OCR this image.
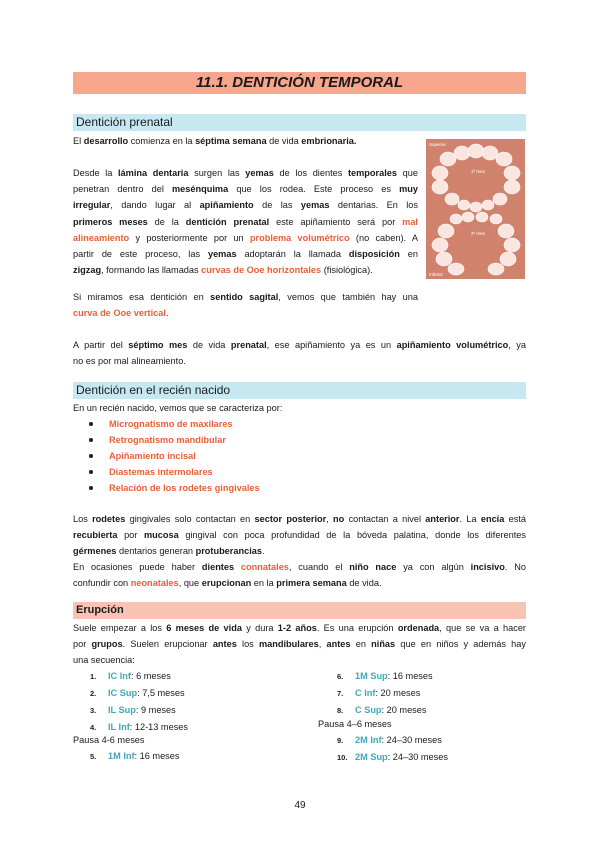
11.1. DENTICIÓN TEMPORAL
Dentición prenatal
El desarrollo comienza en la séptima semana de vida embrionaria.
Desde la lámina dentaria surgen las yemas de los dientes temporales que
penetran dentro del mesénquima que los rodea. Este proceso es muy
irregular, dando lugar al apiñamiento de las yemas dentarias. En los
primeros meses de la dentición prenatal este apiñamiento será por mal
alineamiento y posteriormente por un problema volumétrico (no caben). A
partir de este proceso, las yemas adoptarán la llamada disposición en
zigzag, formando las llamadas curvas de Ooe horizontales (fisiológica).
Superior
1ª mes
2ª mes
Inferior
Si miramos esa dentición en sentido sagital, vemos que también hay una
curva de Ooe vertical.
A partir del séptimo mes de vida prenatal, ese apiñamiento ya es un apiñamiento volumétrico, ya
no es por mal alineamiento.
Dentición en el recién nacido
En un recién nacido, vemos que se caracteriza por:
Micrognatismo de maxilares
Retrognatismo mandibular
Apiñamiento incisal
Diastemas intermolares
Relación de los rodetes gingivales
Los rodetes gingivales solo contactan en sector posterior, no contactan a nivel anterior. La encía está
recubierta por mucosa gingival con poca profundidad de la bóveda palatina, donde los diferentes
gérmenes dentarios generan protuberancias.
En ocasiones puede haber dientes connatales, cuando el niño nace ya con algún incisivo. No
confundir con neonatales, que erupcionan en la primera semana de vida.
Erupción
Suele empezar a los 6 meses de vida y dura 1-2 años. Es una erupción ordenada, que se va a hacer
por grupos. Suelen erupcionar antes los mandibulares, antes en niñas que en niños y además hay
una secuencia:
1. IC Inf: 6 meses
2. IC Sup: 7,5 meses
3. IL Sup: 9 meses
4. IL Inf: 12-13 meses
Pausa 4-6 meses
5. 1M Inf: 16 meses
6. 1M Sup: 16 meses
7. C Inf: 20 meses
8. C Sup: 20 meses
Pausa 4–6 meses
9. 2M Inf: 24–30 meses
10. 2M Sup: 24–30 meses
49
